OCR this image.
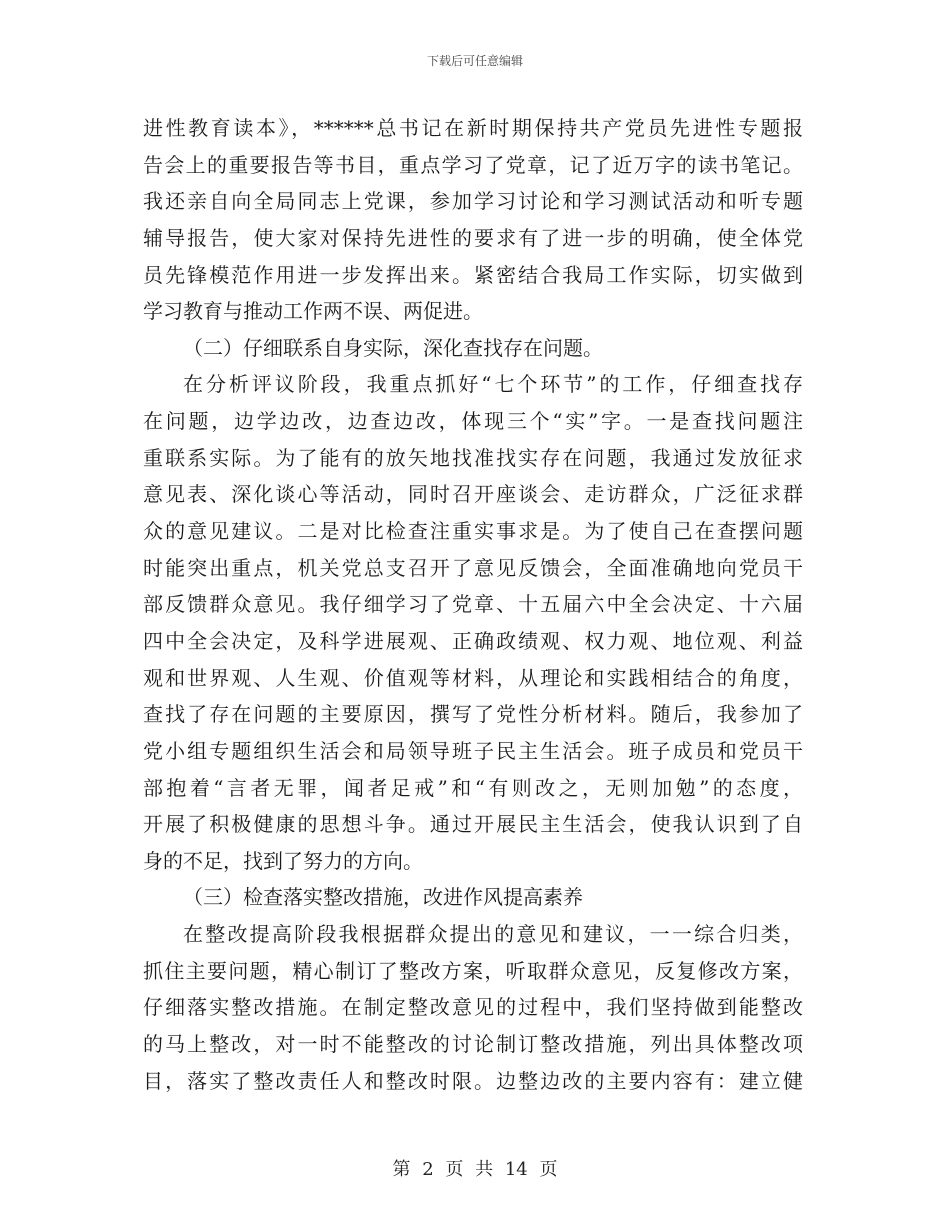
下载后可任意编辑
进性教育读本》，******总书记在新时期保持共产党员先进性专题报
告会上的重要报告等书目，重点学习了党章，记了近万字的读书笔记。
我还亲自向全局同志上党课，参加学习讨论和学习测试活动和听专题
辅导报告，使大家对保持先进性的要求有了进一步的明确，使全体党
员先锋模范作用进一步发挥出来。紧密结合我局工作实际，切实做到
学习教育与推动工作两不误、两促进。
（二）仔细联系自身实际，深化查找存在问题。
在分析评议阶段，我重点抓好“七个环节”的工作，仔细查找存
在问题，边学边改，边查边改，体现三个“实”字。一是查找问题注
重联系实际。为了能有的放矢地找准找实存在问题，我通过发放征求
意见表、深化谈心等活动，同时召开座谈会、走访群众，广泛征求群
众的意见建议。二是对比检查注重实事求是。为了使自己在查摆问题
时能突出重点，机关党总支召开了意见反馈会，全面准确地向党员干
部反馈群众意见。我仔细学习了党章、十五届六中全会决定、十六届
四中全会决定，及科学进展观、正确政绩观、权力观、地位观、利益
观和世界观、人生观、价值观等材料，从理论和实践相结合的角度，
查找了存在问题的主要原因，撰写了党性分析材料。随后，我参加了
党小组专题组织生活会和局领导班子民主生活会。班子成员和党员干
部抱着“言者无罪，闻者足戒”和“有则改之，无则加勉”的态度，
开展了积极健康的思想斗争。通过开展民主生活会，使我认识到了自
身的不足，找到了努力的方向。
（三）检查落实整改措施，改进作风提高素养
在整改提高阶段我根据群众提出的意见和建议，一一综合归类，
抓住主要问题，精心制订了整改方案，听取群众意见，反复修改方案，
仔细落实整改措施。在制定整改意见的过程中，我们坚持做到能整改
的马上整改，对一时不能整改的讨论制订整改措施，列出具体整改项
目，落实了整改责任人和整改时限。边整边改的主要内容有：建立健
第 2 页 共 14 页
